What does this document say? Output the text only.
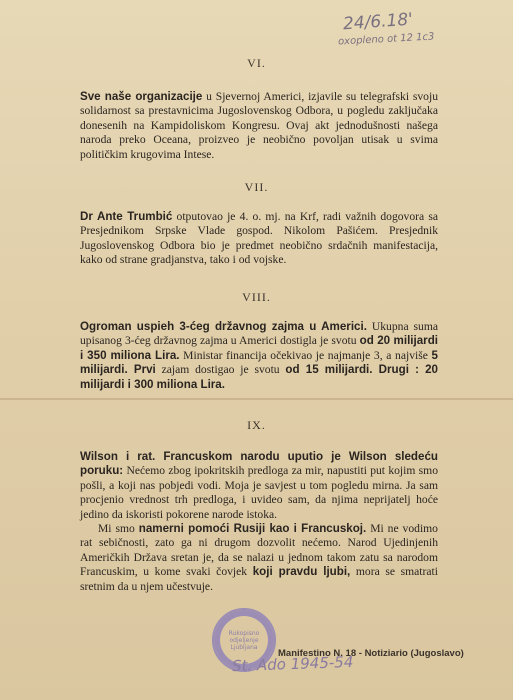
24/6.18'
oxopleno ot 12 1c3
VI.
Sve naše organizacije u Sjevernoj Americi, izjavile su telegrafski svoju solidarnost sa prestavnicima Jugoslovenskog Odbora, u pogledu zaključaka donesenih na Kampidoliskom Kongresu. Ovaj akt jednodušnosti našega naroda preko Oceana, proizveo je neobično povoljan utisak u svima političkim krugovima Intese.
VII.
Dr Ante Trumbić otputovao je 4. o. mj. na Krf, radi važnih dogovora sa Presjednikom Srpske Vlade gospod. Nikolom Pašićem. Presjednik Jugoslovenskog Odbora bio je predmet neobično srdačnih manifestacija, kako od strane gradjanstva, tako i od vojske.
VIII.
Ogroman uspieh 3-ćeg državnog zajma u Americi. Ukupna suma upisanog 3-ćeg državnog zajma u Americi dostigla je svotu od 20 milijardi i 350 miliona Lira. Ministar financija očekivao je najmanje 3, a najviše 5 milijardi. Prvi zajam dostigao je svotu od 15 milijardi. Drugi : 20 milijardi i 300 miliona Lira.
IX.
Wilson i rat. Francuskom narodu uputio je Wilson sledeću poruku: Nećemo zbog ipokritskih predloga za mir, napustiti put kojim smo pošli, a koji nas pobjedi vodi. Moja je savjest u tom pogledu mirna. Ja sam procjenio vrednost trh predloga, i uvideo sam, da njima neprijatelj hoće jedino da iskoristi pokorene narode istoka.
Mi smo namerni pomoći Rusiji kao i Francuskoj. Mi ne vodimo rat sebičnosti, zato ga ni drugom dozvolit nećemo. Narod Ujedinjenih Američkih Država sretan je, da se nalazi u jednom takom zatu sa narodom Francuskim, u kome svaki čovjek koji pravdu ljubi, mora se smatrati sretnim da u njem učestvuje.
Rukopisno odjeljenje Ljubljana
Manifestino N. 18 - Notiziario (Jugoslavo)
St. Ado 1945-54
